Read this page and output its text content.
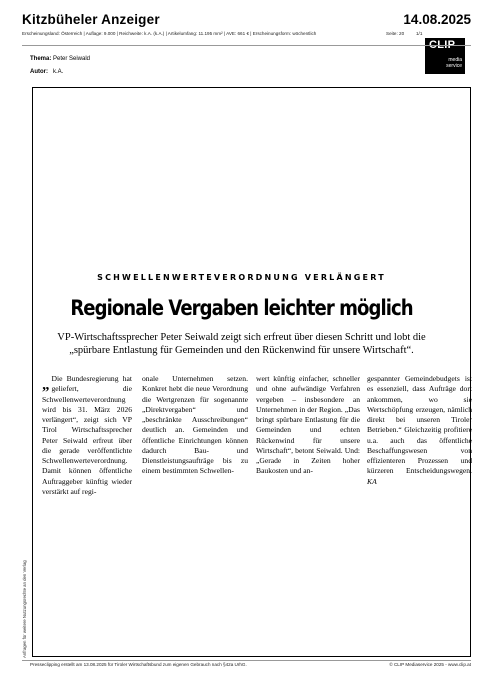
Kitzbüheler Anzeiger	14.08.2025
Erscheinungsland: Österreich | Auflage: 9.000 | Reichweite: k.A. (k.A.) | Artikelumfang: 11.195 mm² | AVE: 661 € | Erscheinungsform: wöchentlich	Seite: 20	1/1
CLIP
media
service
Thema: Peter Seiwald
Autor: k.A.
SCHWELLENWERTEVERORDNUNG VERLÄNGERT
Regionale Vergaben leichter möglich
VP-Wirtschaftssprecher Peter Seiwald zeigt sich erfreut über diesen Schritt und lobt die „spürbare Entlastung für Gemeinden und den Rückenwind für unsere Wirtschaft“.

„ Die Bundesregierung hat geliefert, die Schwellenwerteverordnung wird bis 31. März 2026 verlängert“, zeigt sich VP Tirol Wirtschaftssprecher Peter Seiwald erfreut über die gerade veröffentlichte Schwellenwerteverordnung. Damit können öffentliche Auftraggeber künftig wieder verstärkt auf regi-

onale Unternehmen setzen. Konkret hebt die neue Verordnung die Wertgrenzen für sogenannte „Direktvergaben“ und „beschränkte Ausschreibungen“ deutlich an. Gemeinden und öffentliche Einrichtungen können dadurch Bau- und Dienstleistungsaufträge bis zu einem bestimmten Schwellen-

wert künftig einfacher, schneller und ohne aufwändige Verfahren vergeben – insbesondere an Unternehmen in der Region. „Das bringt spürbare Entlastung für die Gemeinden und echten Rückenwind für unsere Wirtschaft“, betont Seiwald. Und: „Gerade in Zeiten hoher Baukosten und an-

gespannter Gemeindebudgets ist es essenziell, dass Aufträge dort ankommen, wo sie Wertschöpfung erzeugen, nämlich direkt bei unseren Tiroler Betrieben.“ Gleichzeitig profitiere u.a. auch das öffentliche Beschaffungswesen von effizienteren Prozessen und kürzeren Entscheidungswegen. KA

Anfragen für weitere Nutzungsrechte an den Verlag
Presseclipping erstellt am 13.08.2025 für Tiroler Wirtschaftsbund zum eigenen Gebrauch nach §42a UrhG.	© CLIP Mediaservice 2025 - www.clip.at
